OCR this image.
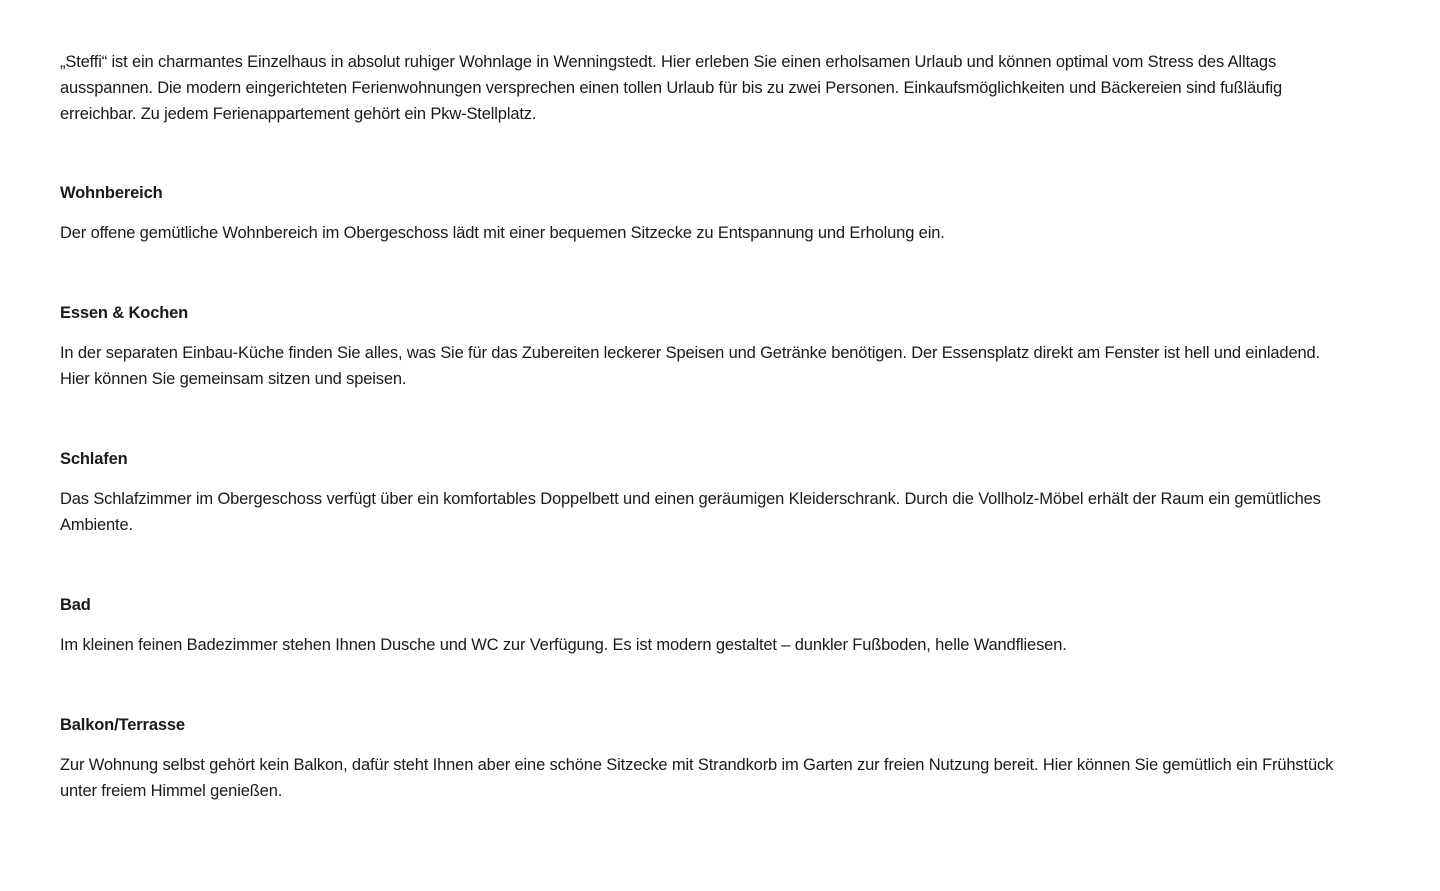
„Steffi“ ist ein charmantes Einzelhaus in absolut ruhiger Wohnlage in Wenningstedt. Hier erleben Sie einen erholsamen Urlaub und können optimal vom Stress des Alltags ausspannen. Die modern eingerichteten Ferienwohnungen versprechen einen tollen Urlaub für bis zu zwei Personen. Einkaufsmöglichkeiten und Bäckereien sind fußläufig erreichbar. Zu jedem Ferienappartement gehört ein Pkw-Stellplatz.

Wohnbereich

Der offene gemütliche Wohnbereich im Obergeschoss lädt mit einer bequemen Sitzecke zu Entspannung und Erholung ein.

Essen & Kochen

In der separaten Einbau-Küche finden Sie alles, was Sie für das Zubereiten leckerer Speisen und Getränke benötigen. Der Essensplatz direkt am Fenster ist hell und einladend. Hier können Sie gemeinsam sitzen und speisen.

Schlafen

Das Schlafzimmer im Obergeschoss verfügt über ein komfortables Doppelbett und einen geräumigen Kleiderschrank. Durch die Vollholz-Möbel erhält der Raum ein gemütliches Ambiente.

Bad

Im kleinen feinen Badezimmer stehen Ihnen Dusche und WC zur Verfügung. Es ist modern gestaltet – dunkler Fußboden, helle Wandfliesen.

Balkon/Terrasse

Zur Wohnung selbst gehört kein Balkon, dafür steht Ihnen aber eine schöne Sitzecke mit Strandkorb im Garten zur freien Nutzung bereit. Hier können Sie gemütlich ein Frühstück unter freiem Himmel genießen.
